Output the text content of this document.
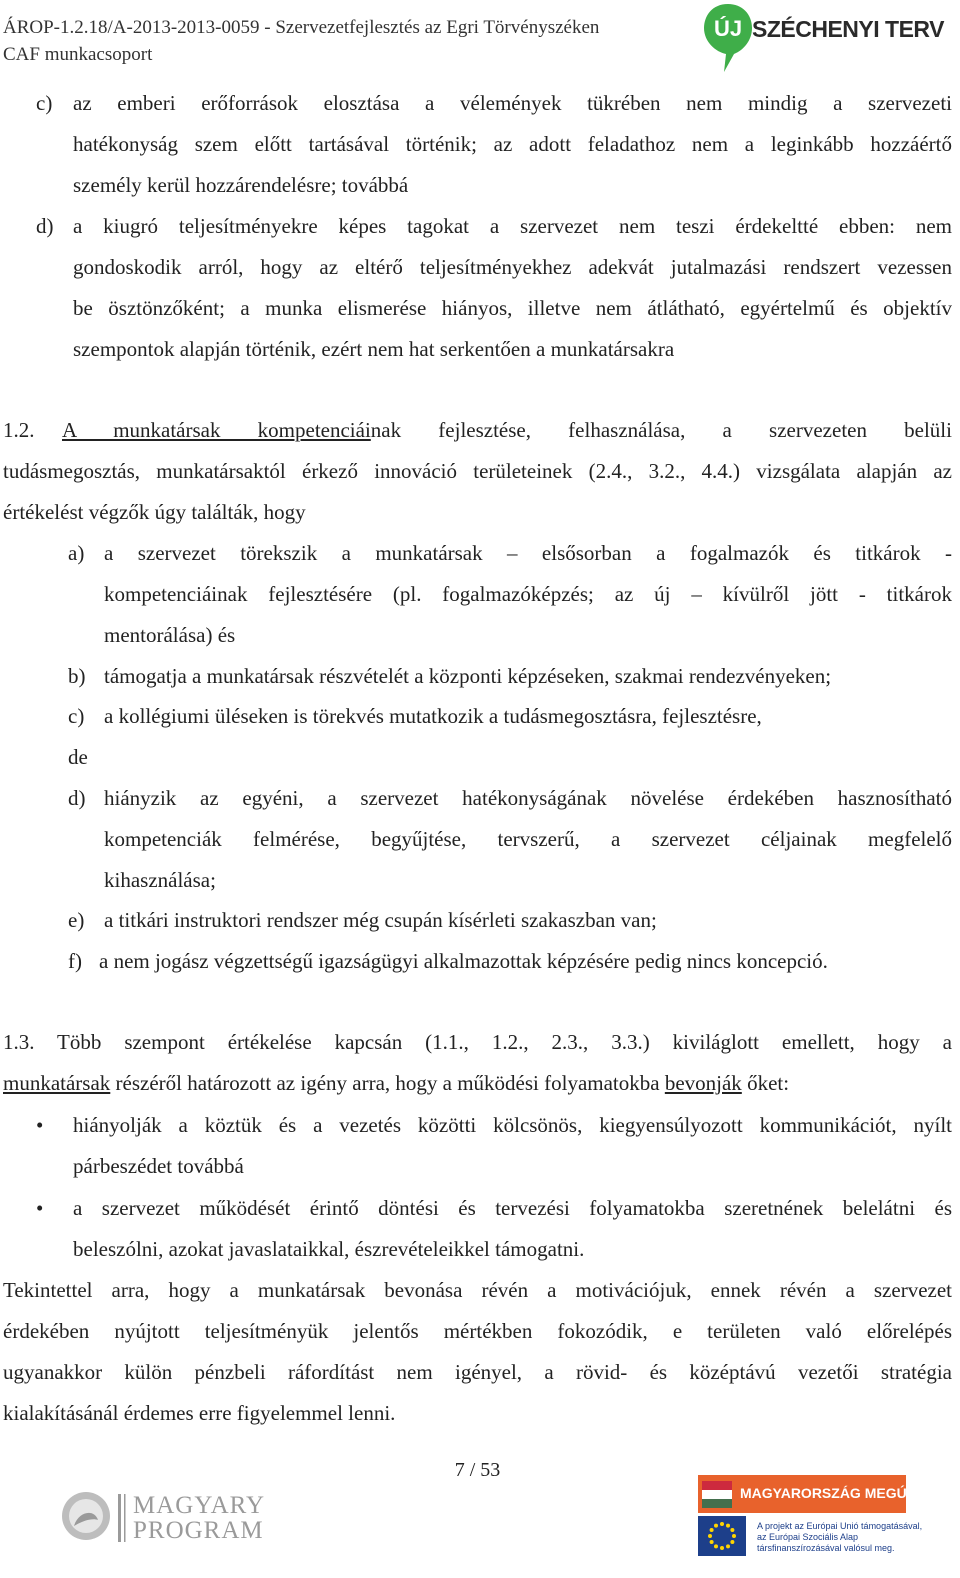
ÁROP-1.2.18/A-2013-2013-0059 - Szervezetfejlesztés az Egri Törvényszéken
CAF munkacsoport
ÚJ SZÉCHENYI TERV
c) az emberi erőforrások elosztása a vélemények tükrében nem mindig a szervezeti
hatékonyság szem előtt tartásával történik; az adott feladathoz nem a leginkább hozzáértő
személy kerül hozzárendelésre; továbbá
d) a kiugró teljesítményekre képes tagokat a szervezet nem teszi érdekeltté ebben: nem
gondoskodik arról, hogy az eltérő teljesítményekhez adekvát jutalmazási rendszert vezessen
be ösztönzőként; a munka elismerése hiányos, illetve nem átlátható, egyértelmű és objektív
szempontok alapján történik, ezért nem hat serkentően a munkatársakra
1.2. A munkatársak kompetenciáinak fejlesztése, felhasználása, a szervezeten belüli
tudásmegosztás, munkatársaktól érkező innováció területeinek (2.4., 3.2., 4.4.) vizsgálata alapján az
értékelést végzők úgy találták, hogy
a) a szervezet törekszik a munkatársak – elsősorban a fogalmazók és titkárok -
kompetenciáinak fejlesztésére (pl. fogalmazóképzés; az új – kívülről jött - titkárok
mentorálása) és
b) támogatja a munkatársak részvételét a központi képzéseken, szakmai rendezvényeken;
c) a kollégiumi üléseken is törekvés mutatkozik a tudásmegosztásra, fejlesztésre,
de
d) hiányzik az egyéni, a szervezet hatékonyságának növelése érdekében hasznosítható
kompetenciák felmérése, begyűjtése, tervszerű, a szervezet céljainak megfelelő
kihasználása;
e) a titkári instruktori rendszer még csupán kísérleti szakaszban van;
f) a nem jogász végzettségű igazságügyi alkalmazottak képzésére pedig nincs koncepció.
1.3. Több szempont értékelése kapcsán (1.1., 1.2., 2.3., 3.3.) kiviláglott emellett, hogy a
munkatársak részéről határozott az igény arra, hogy a működési folyamatokba bevonják őket:
• hiányolják a köztük és a vezetés közötti kölcsönös, kiegyensúlyozott kommunikációt, nyílt
párbeszédet továbbá
• a szervezet működését érintő döntési és tervezési folyamatokba szeretnének belelátni és
beleszólni, azokat javaslataikkal, észrevételeikkel támogatni.
Tekintettel arra, hogy a munkatársak bevonása révén a motivációjuk, ennek révén a szervezet
érdekében nyújtott teljesítményük jelentős mértékben fokozódik, e területen való előrelépés
ugyanakkor külön pénzbeli ráfordítást nem igényel, a rövid- és középtávú vezetői stratégia
kialakításánál érdemes erre figyelemmel lenni.
7 / 53
MAGYARY
PROGRAM
MAGYARORSZÁG MEGÚJUL
A projekt az Európai Unió támogatásával,
az Európai Szociális Alap
társfinanszírozásával valósul meg.
